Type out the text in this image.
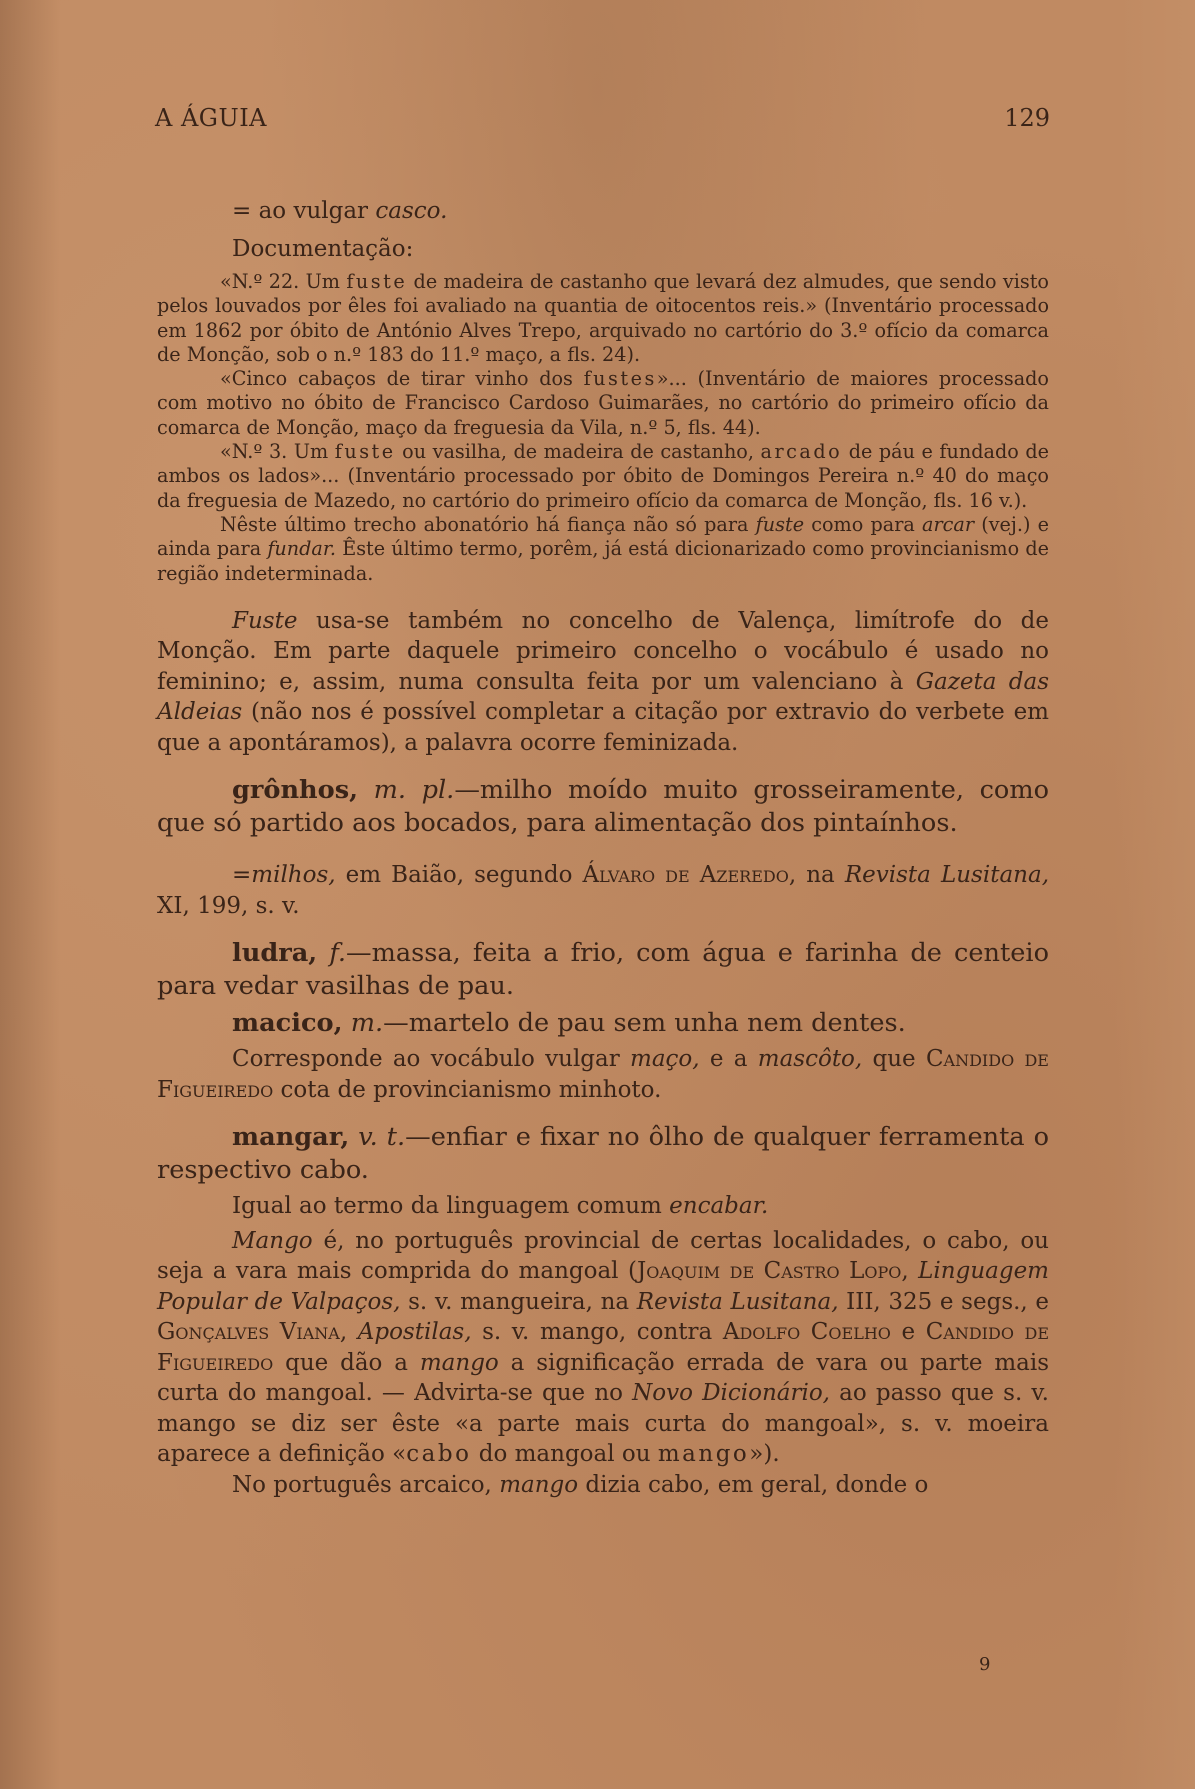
A ÁGUIA	129

= ao vulgar casco.

Documentação:

«N.º 22. Um fuste de madeira de castanho que levará dez almudes, que sendo visto pelos louvados por êles foi avaliado na quantia de oitocentos reis.» (Inventário processado em 1862 por óbito de António Alves Trepo, arquivado no cartório do 3.º ofício da comarca de Monção, sob o n.º 183 do 11.º maço, a fls. 24).

«Cinco cabaços de tirar vinho dos fustes»... (Inventário de maiores processado com motivo no óbito de Francisco Cardoso Guimarães, no cartório do primeiro ofício da comarca de Monção, maço da freguesia da Vila, n.º 5, fls. 44).

«N.º 3. Um fuste ou vasilha, de madeira de castanho, arcado de páu e fundado de ambos os lados»... (Inventário processado por óbito de Domingos Pereira n.º 40 do maço da freguesia de Mazedo, no cartório do primeiro ofício da comarca de Monção, fls. 16 v.).

Nêste último trecho abonatório há fiança não só para fuste como para arcar (vej.) e ainda para fundar. Êste último termo, porêm, já está dicionarizado como provincianismo de região indeterminada.

Fuste usa-se também no concelho de Valença, limítrofe do de Monção. Em parte daquele primeiro concelho o vocábulo é usado no feminino; e, assim, numa consulta feita por um valenciano à Gazeta das Aldeias (não nos é possível completar a citação por extravio do verbete em que a apontáramos), a palavra ocorre feminizada.

grônhos, m. pl.—milho moído muito grosseiramente, como que só partido aos bocados, para alimentação dos pintaínhos.

=milhos, em Baião, segundo Álvaro de Azeredo, na Revista Lusitana, XI, 199, s. v.

ludra, f.—massa, feita a frio, com água e farinha de centeio para vedar vasilhas de pau.

macico, m.—martelo de pau sem unha nem dentes.

Corresponde ao vocábulo vulgar maço, e a mascôto, que Candido de Figueiredo cota de provincianismo minhoto.

mangar, v. t.—enfiar e fixar no ôlho de qualquer ferramenta o respectivo cabo.

Igual ao termo da linguagem comum encabar.

Mango é, no português provincial de certas localidades, o cabo, ou seja a vara mais comprida do mangoal (Joaquim de Castro Lopo, Linguagem Popular de Valpaços, s. v. mangueira, na Revista Lusitana, III, 325 e segs., e Gonçalves Viana, Apostilas, s. v. mango, contra Adolfo Coelho e Candido de Figueiredo que dão a mango a significação errada de vara ou parte mais curta do mangoal. — Advirta-se que no Novo Dicionário, ao passo que s. v. mango se diz ser êste «a parte mais curta do mangoal», s. v. moeira aparece a definição «cabo do mangoal ou mango»).

No português arcaico, mango dizia cabo, em geral, donde o

9
